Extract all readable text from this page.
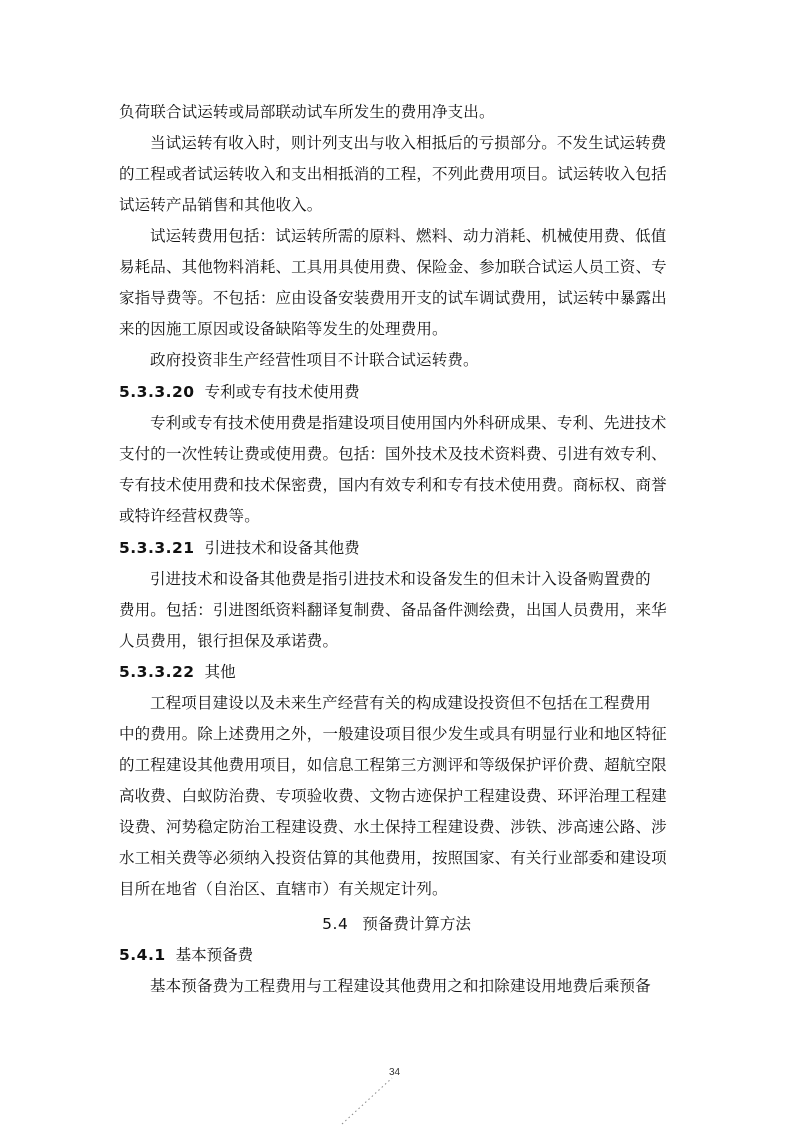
负荷联合试运转或局部联动试车所发生的费用净支出。
当试运转有收入时，则计列支出与收入相抵后的亏损部分。不发生试运转费
的工程或者试运转收入和支出相抵消的工程，不列此费用项目。试运转收入包括
试运转产品销售和其他收入。
试运转费用包括：试运转所需的原料、燃料、动力消耗、机械使用费、低值
易耗品、其他物料消耗、工具用具使用费、保险金、参加联合试运人员工资、专
家指导费等。不包括：应由设备安装费用开支的试车调试费用，试运转中暴露出
来的因施工原因或设备缺陷等发生的处理费用。
政府投资非生产经营性项目不计联合试运转费。
5.3.3.20 专利或专有技术使用费
专利或专有技术使用费是指建设项目使用国内外科研成果、专利、先进技术
支付的一次性转让费或使用费。包括：国外技术及技术资料费、引进有效专利、
专有技术使用费和技术保密费，国内有效专利和专有技术使用费。商标权、商誉
或特许经营权费等。
5.3.3.21 引进技术和设备其他费
引进技术和设备其他费是指引进技术和设备发生的但未计入设备购置费的
费用。包括：引进图纸资料翻译复制费、备品备件测绘费，出国人员费用，来华
人员费用，银行担保及承诺费。
5.3.3.22 其他
工程项目建设以及未来生产经营有关的构成建设投资但不包括在工程费用
中的费用。除上述费用之外，一般建设项目很少发生或具有明显行业和地区特征
的工程建设其他费用项目，如信息工程第三方测评和等级保护评价费、超航空限
高收费、白蚁防治费、专项验收费、文物古迹保护工程建设费、环评治理工程建
设费、河势稳定防治工程建设费、水土保持工程建设费、涉铁、涉高速公路、涉
水工相关费等必须纳入投资估算的其他费用，按照国家、有关行业部委和建设项
目所在地省（自治区、直辖市）有关规定计列。
5.4 预备费计算方法
5.4.1 基本预备费
基本预备费为工程费用与工程建设其他费用之和扣除建设用地费后乘预备
34
